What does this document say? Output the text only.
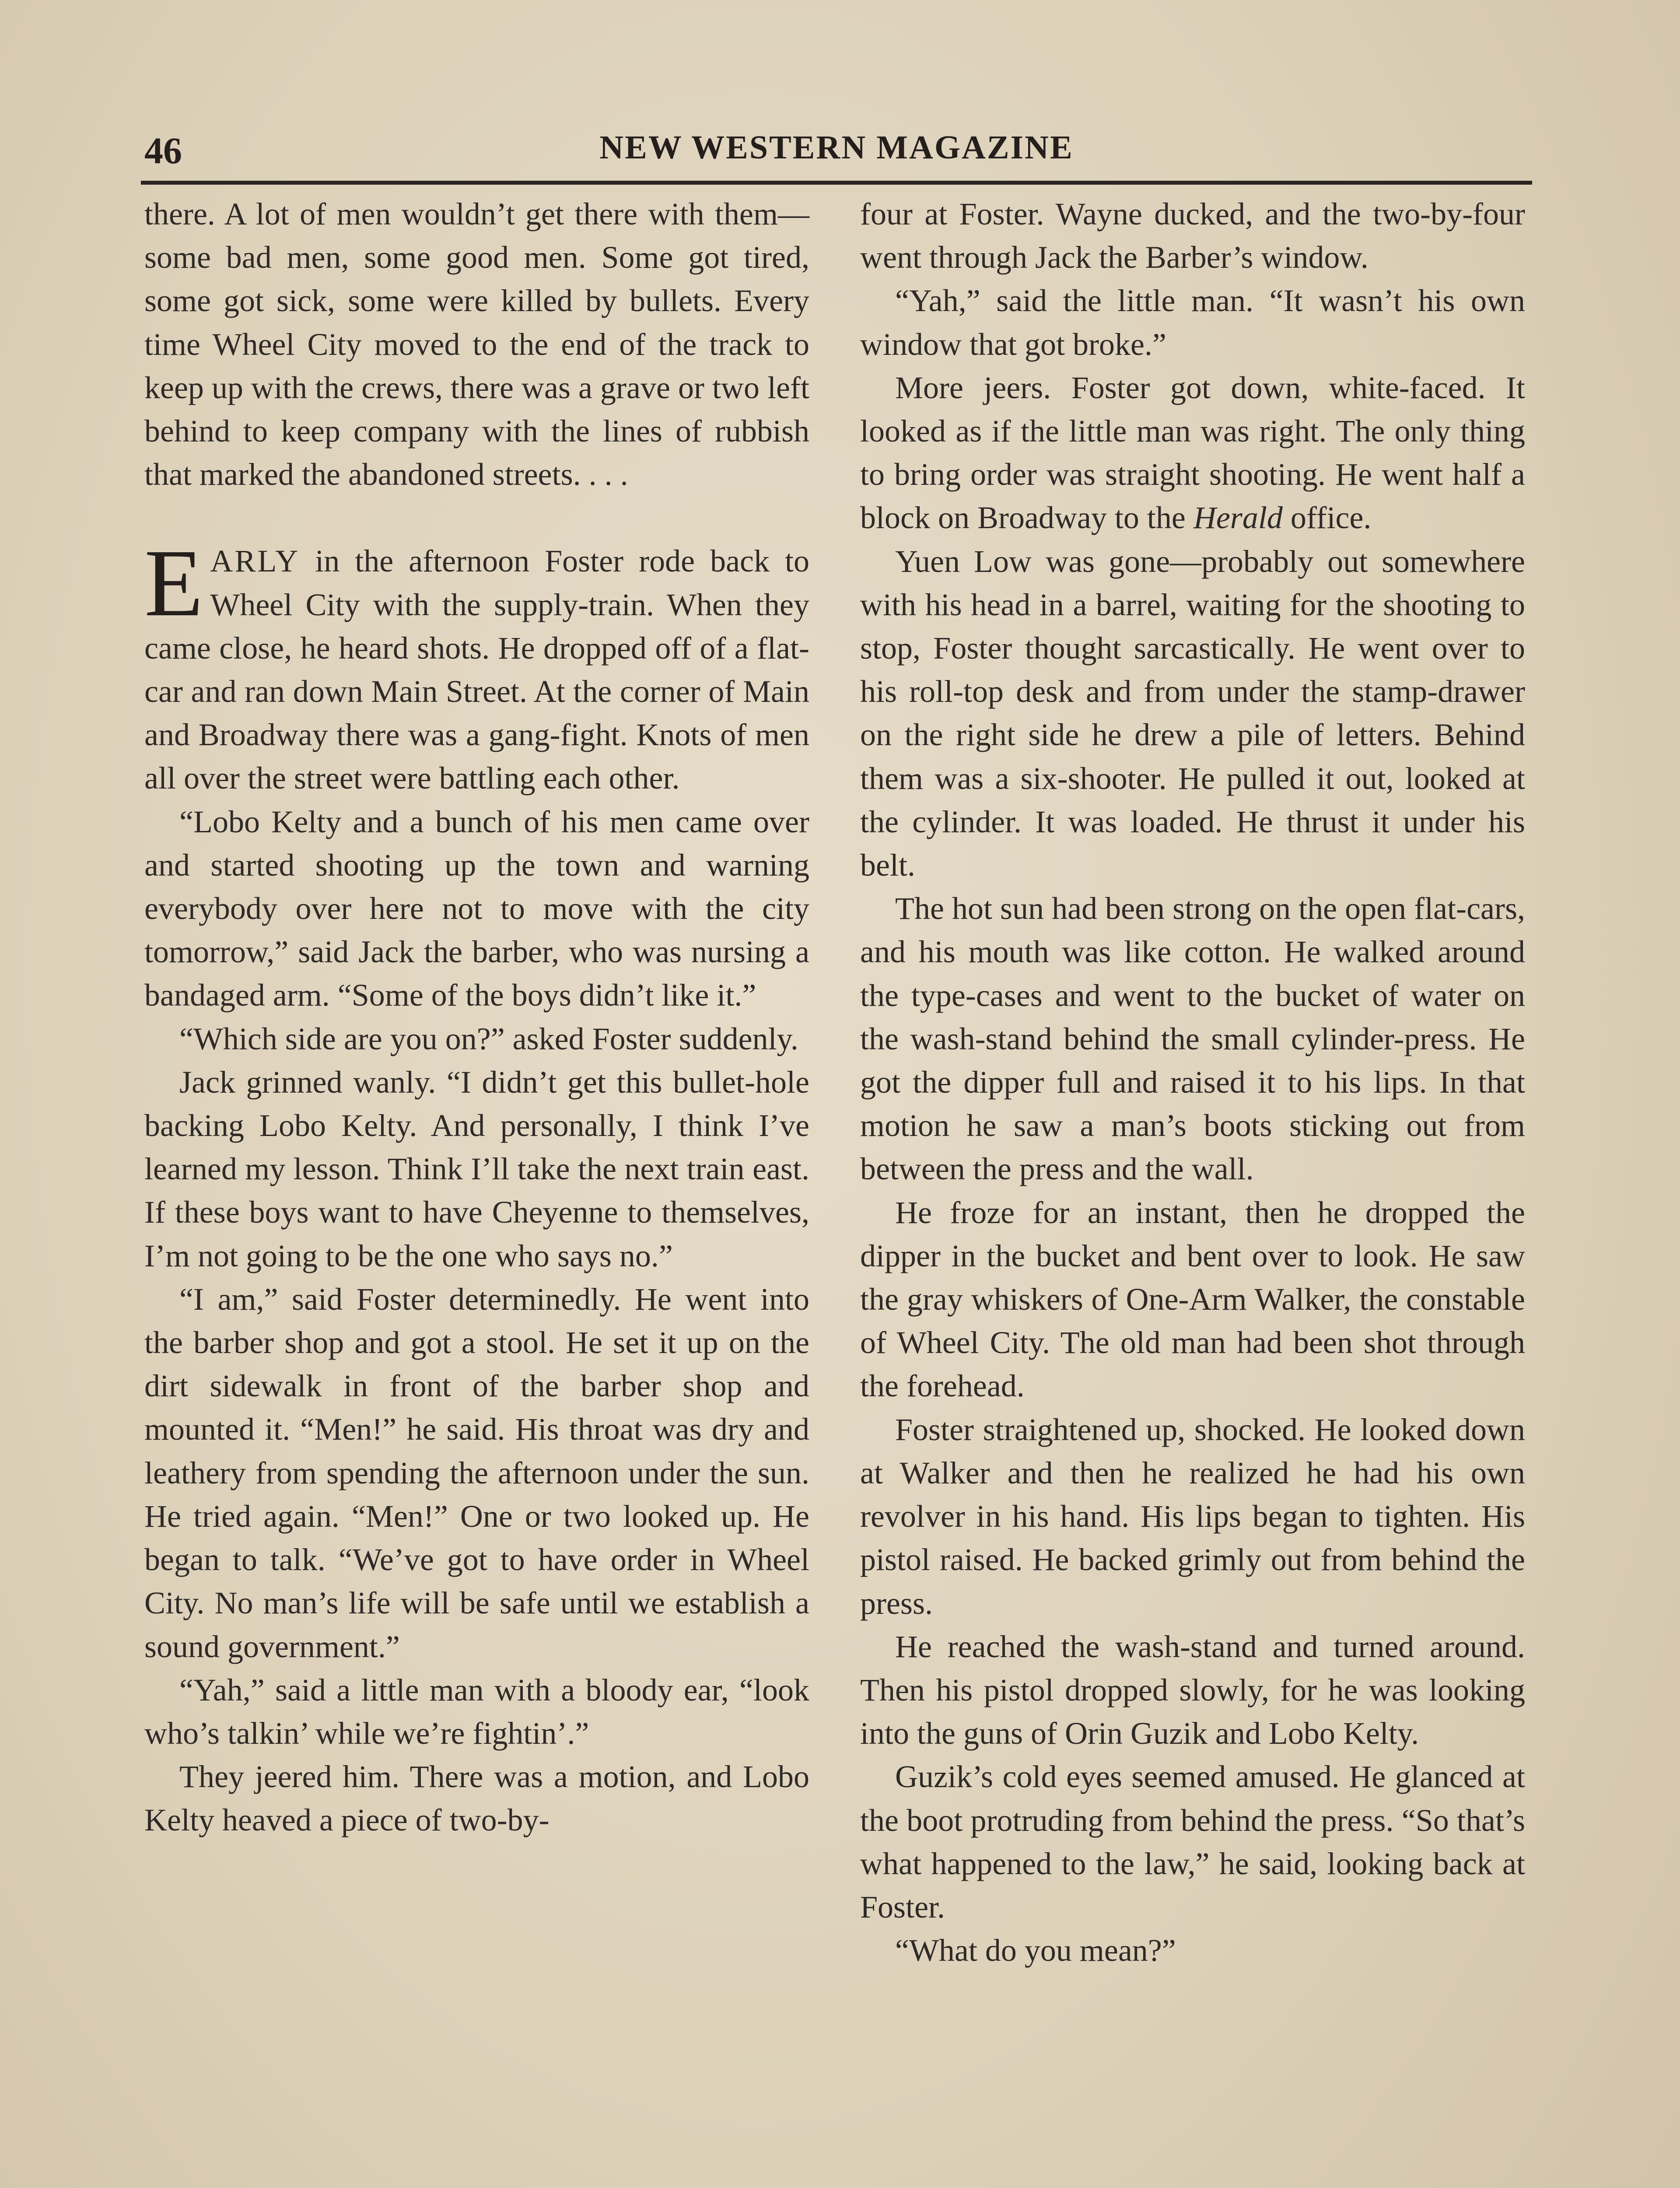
46	NEW WESTERN MAGAZINE

there. A lot of men wouldn’t get there with them—some bad men, some good men. Some got tired, some got sick, some were killed by bullets. Every time Wheel City moved to the end of the track to keep up with the crews, there was a grave or two left behind to keep company with the lines of rubbish that marked the abandoned streets. . . .

EARLY in the afternoon Foster rode back to Wheel City with the supply-train. When they came close, he heard shots. He dropped off of a flat-car and ran down Main Street. At the corner of Main and Broadway there was a gang-fight. Knots of men all over the street were battling each other.

“Lobo Kelty and a bunch of his men came over and started shooting up the town and warning everybody over here not to move with the city tomorrow,” said Jack the barber, who was nursing a bandaged arm. “Some of the boys didn’t like it.”

“Which side are you on?” asked Foster suddenly.

Jack grinned wanly. “I didn’t get this bullet-hole backing Lobo Kelty. And personally, I think I’ve learned my lesson. Think I’ll take the next train east. If these boys want to have Cheyenne to themselves, I’m not going to be the one who says no.”

“I am,” said Foster determinedly. He went into the barber shop and got a stool. He set it up on the dirt sidewalk in front of the barber shop and mounted it. “Men!” he said. His throat was dry and leathery from spending the afternoon under the sun. He tried again. “Men!” One or two looked up. He began to talk. “We’ve got to have order in Wheel City. No man’s life will be safe until we establish a sound government.”

“Yah,” said a little man with a bloody ear, “look who’s talkin’ while we’re fightin’.”

They jeered him. There was a motion, and Lobo Kelty heaved a piece of two-by-

four at Foster. Wayne ducked, and the two-by-four went through Jack the Barber’s window.

“Yah,” said the little man. “It wasn’t his own window that got broke.”

More jeers. Foster got down, white-faced. It looked as if the little man was right. The only thing to bring order was straight shooting. He went half a block on Broadway to the Herald office.

Yuen Low was gone—probably out somewhere with his head in a barrel, waiting for the shooting to stop, Foster thought sarcastically. He went over to his roll-top desk and from under the stamp-drawer on the right side he drew a pile of letters. Behind them was a six-shooter. He pulled it out, looked at the cylinder. It was loaded. He thrust it under his belt.

The hot sun had been strong on the open flat-cars, and his mouth was like cotton. He walked around the type-cases and went to the bucket of water on the wash-stand behind the small cylinder-press. He got the dipper full and raised it to his lips. In that motion he saw a man’s boots sticking out from between the press and the wall.

He froze for an instant, then he dropped the dipper in the bucket and bent over to look. He saw the gray whiskers of One-Arm Walker, the constable of Wheel City. The old man had been shot through the forehead.

Foster straightened up, shocked. He looked down at Walker and then he realized he had his own revolver in his hand. His lips began to tighten. His pistol raised. He backed grimly out from behind the press.

He reached the wash-stand and turned around. Then his pistol dropped slowly, for he was looking into the guns of Orin Guzik and Lobo Kelty.

Guzik’s cold eyes seemed amused. He glanced at the boot protruding from behind the press. “So that’s what happened to the law,” he said, looking back at Foster.

“What do you mean?”
